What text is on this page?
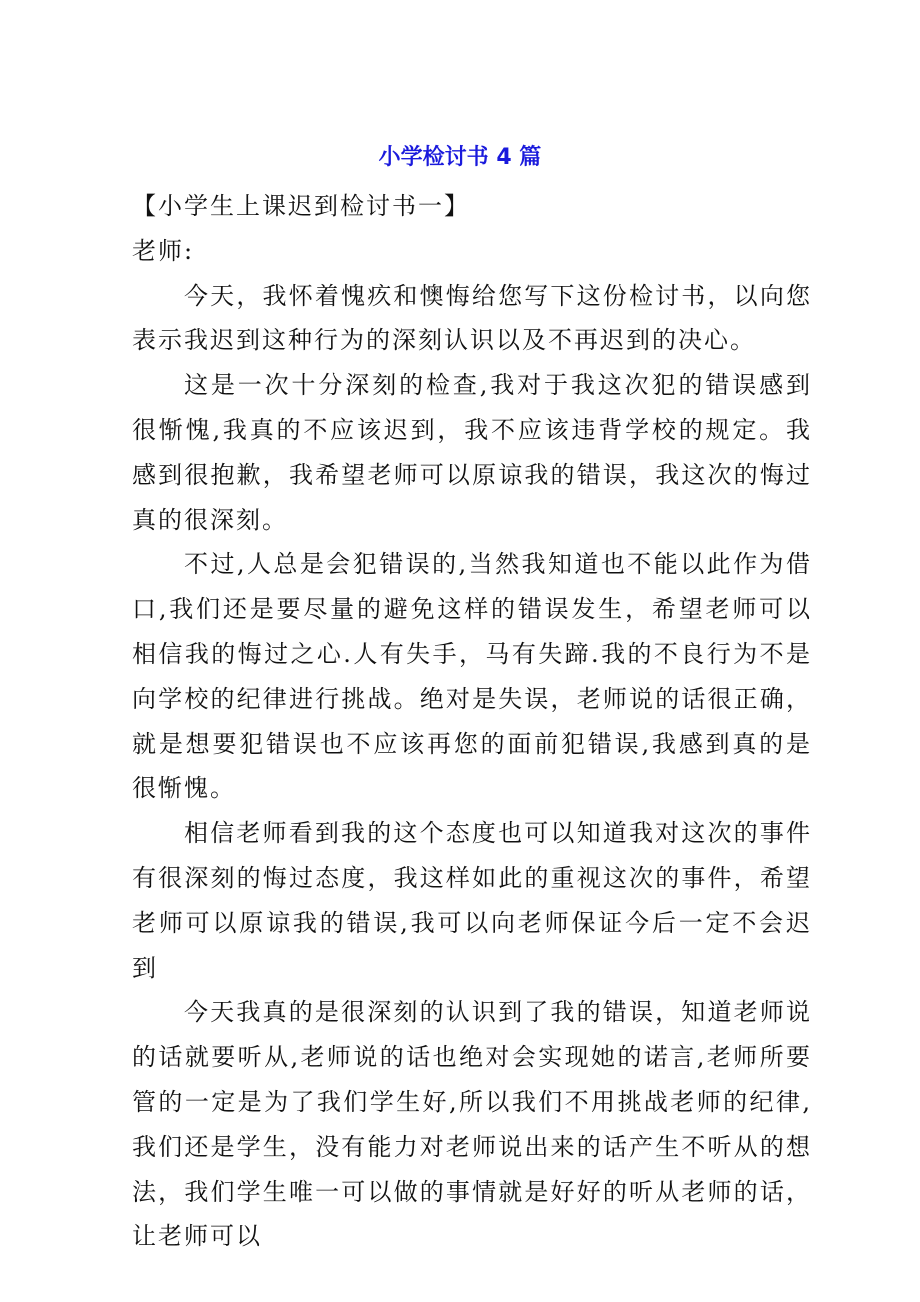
小学检讨书 4 篇

【小学生上课迟到检讨书一】

老师:

今天，我怀着愧疚和懊悔给您写下这份检讨书，以向您表示我迟到这种行为的深刻认识以及不再迟到的决心。

这是一次十分深刻的检查,我对于我这次犯的错误感到很惭愧,我真的不应该迟到，我不应该违背学校的规定。我感到很抱歉，我希望老师可以原谅我的错误，我这次的悔过真的很深刻。

不过,人总是会犯错误的,当然我知道也不能以此作为借口,我们还是要尽量的避免这样的错误发生，希望老师可以相信我的悔过之心.人有失手，马有失蹄.我的不良行为不是向学校的纪律进行挑战。绝对是失误，老师说的话很正确，就是想要犯错误也不应该再您的面前犯错误,我感到真的是很惭愧。

相信老师看到我的这个态度也可以知道我对这次的事件有很深刻的悔过态度，我这样如此的重视这次的事件，希望老师可以原谅我的错误,我可以向老师保证今后一定不会迟到

今天我真的是很深刻的认识到了我的错误，知道老师说的话就要听从,老师说的话也绝对会实现她的诺言,老师所要管的一定是为了我们学生好,所以我们不用挑战老师的纪律,我们还是学生，没有能力对老师说出来的话产生不听从的想法，我们学生唯一可以做的事情就是好好的听从老师的话，让老师可以
